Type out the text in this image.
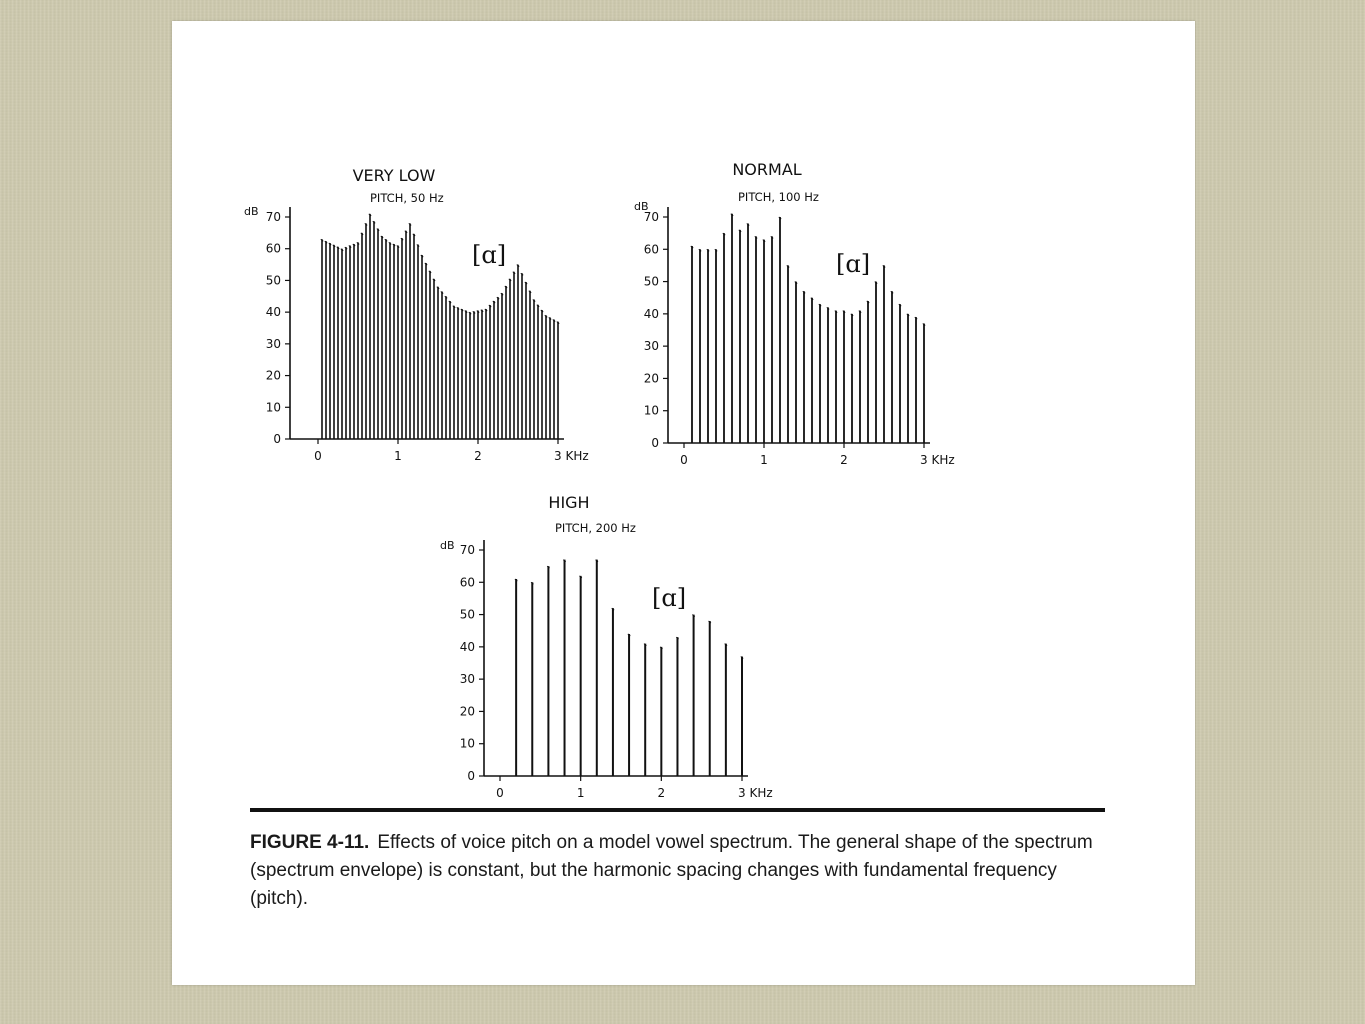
VERY LOW
PITCH, 50 Hz
dB
[ɑ]
0
10
20
30
40
50
60
70
0	1	2	3 KHz
NORMAL
PITCH, 100 Hz
dB
[ɑ]
0
10
20
30
40
50
60
70
0	1	2	3 KHz
HIGH
PITCH, 200 Hz
dB
[ɑ]
0
10
20
30
40
50
60
70
0	1	2	3 KHz

FIGURE 4-11. Effects of voice pitch on a model vowel spectrum. The general shape of the spectrum (spectrum envelope) is constant, but the harmonic spacing changes with fundamental frequency (pitch).
